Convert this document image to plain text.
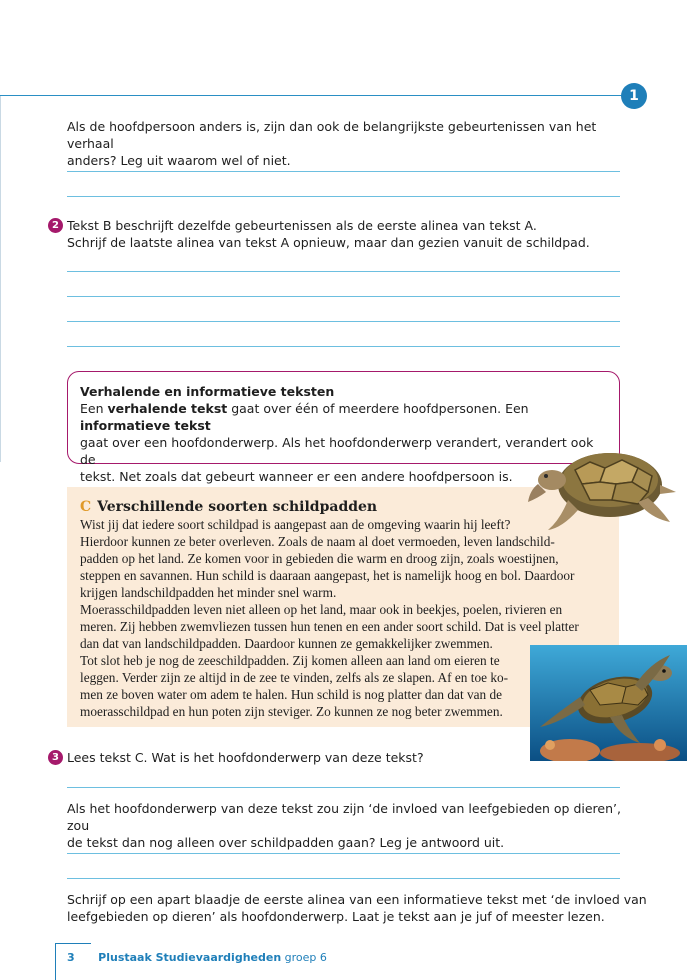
1
Als de hoofdpersoon anders is, zijn dan ook de belangrijkste gebeurtenissen van het verhaal
anders? Leg uit waarom wel of niet.
2 Tekst B beschrijft dezelfde gebeurtenissen als de eerste alinea van tekst A.
Schrijf de laatste alinea van tekst A opnieuw, maar dan gezien vanuit de schildpad.
Verhalende en informatieve teksten
Een verhalende tekst gaat over één of meerdere hoofdpersonen. Een informatieve tekst
gaat over een hoofdonderwerp. Als het hoofdonderwerp verandert, verandert ook de
tekst. Net zoals dat gebeurt wanneer er een andere hoofdpersoon is.
C Verschillende soorten schildpadden

Wist jij dat iedere soort schildpad is aangepast aan de omgeving waarin hij leeft?

Hierdoor kunnen ze beter overleven. Zoals de naam al doet vermoeden, leven landschild-

padden op het land. Ze komen voor in gebieden die warm en droog zijn, zoals woestijnen,

steppen en savannen. Hun schild is daaraan aangepast, het is namelijk hoog en bol. Daardoor

krijgen landschildpadden het minder snel warm.

Moerasschildpadden leven niet alleen op het land, maar ook in beekjes, poelen, rivieren en

meren. Zij hebben zwemvliezen tussen hun tenen en een ander soort schild. Dat is veel platter

dan dat van landschildpadden. Daardoor kunnen ze gemakkelijker zwemmen.

Tot slot heb je nog de zeeschildpadden. Zij komen alleen aan land om eieren te

leggen. Verder zijn ze altijd in de zee te vinden, zelfs als ze slapen. Af en toe ko-

men ze boven water om adem te halen. Hun schild is nog platter dan dat van de

moerasschildpad en hun poten zijn steviger. Zo kunnen ze nog beter zwemmen.

3 Lees tekst C. Wat is het hoofdonderwerp van deze tekst?
Als het hoofdonderwerp van deze tekst zou zijn ‘de invloed van leefgebieden op dieren’, zou
de tekst dan nog alleen over schildpadden gaan? Leg je antwoord uit.
Schrijf op een apart blaadje de eerste alinea van een informatieve tekst met ‘de invloed van
leefgebieden op dieren’ als hoofdonderwerp. Laat je tekst aan je juf of meester lezen.
3 Plustaak Studievaardigheden groep 6
